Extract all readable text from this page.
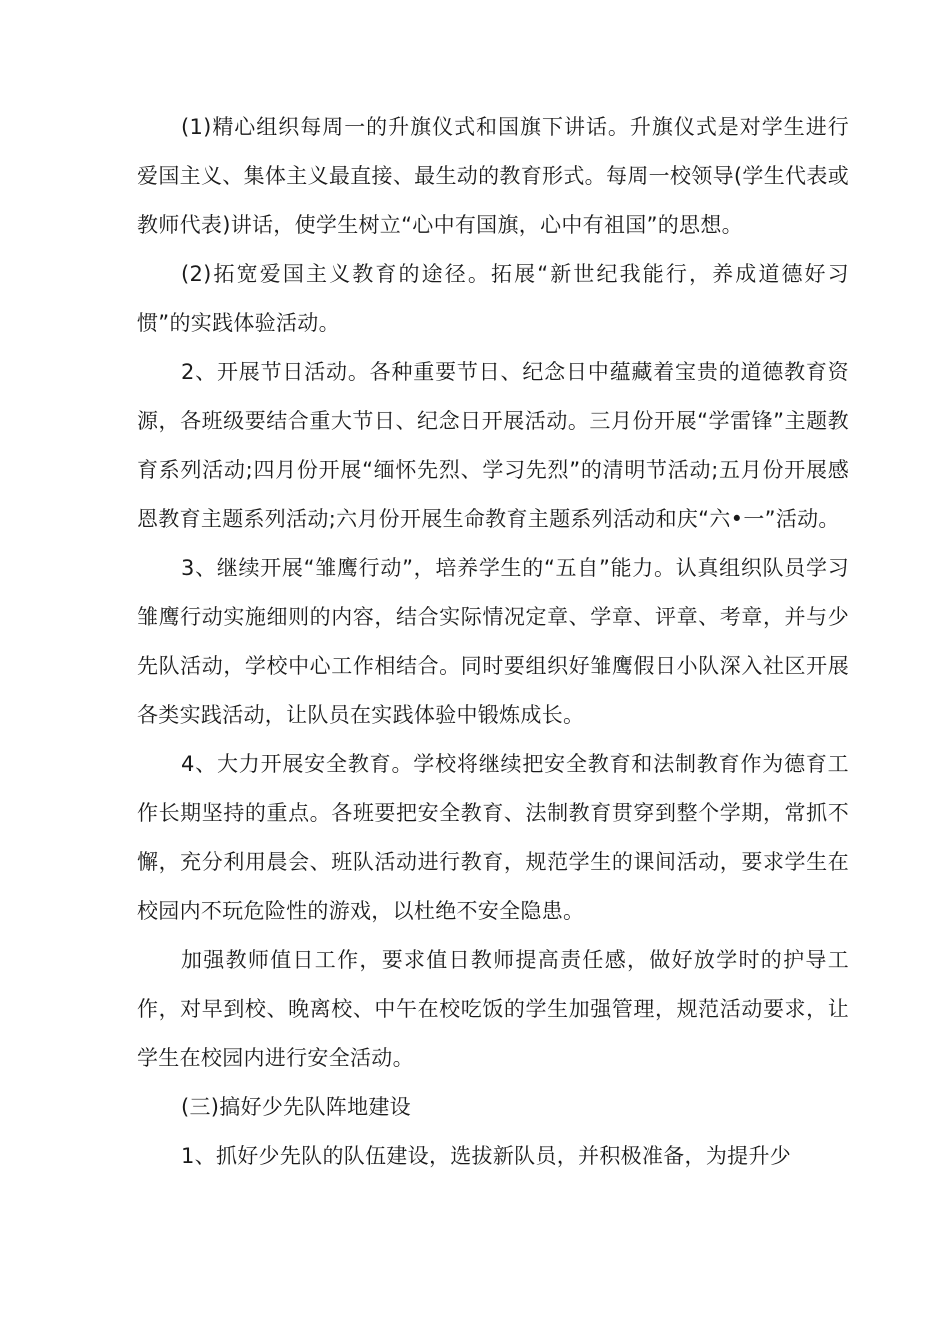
(1)精心组织每周一的升旗仪式和国旗下讲话。升旗仪式是对学生进行爱国主义、集体主义最直接、最生动的教育形式。每周一校领导(学生代表或教师代表)讲话，使学生树立“心中有国旗，心中有祖国”的思想。

(2)拓宽爱国主义教育的途径。拓展“新世纪我能行，养成道德好习惯”的实践体验活动。

2、开展节日活动。各种重要节日、纪念日中蕴藏着宝贵的道德教育资源，各班级要结合重大节日、纪念日开展活动。三月份开展“学雷锋”主题教育系列活动;四月份开展“缅怀先烈、学习先烈”的清明节活动;五月份开展感恩教育主题系列活动;六月份开展生命教育主题系列活动和庆“六•一”活动。

3、继续开展“雏鹰行动”，培养学生的“五自”能力。认真组织队员学习雏鹰行动实施细则的内容，结合实际情况定章、学章、评章、考章，并与少先队活动，学校中心工作相结合。同时要组织好雏鹰假日小队深入社区开展各类实践活动，让队员在实践体验中锻炼成长。

4、大力开展安全教育。学校将继续把安全教育和法制教育作为德育工作长期坚持的重点。各班要把安全教育、法制教育贯穿到整个学期，常抓不懈，充分利用晨会、班队活动进行教育，规范学生的课间活动，要求学生在校园内不玩危险性的游戏，以杜绝不安全隐患。

加强教师值日工作，要求值日教师提高责任感，做好放学时的护导工作，对早到校、晚离校、中午在校吃饭的学生加强管理，规范活动要求，让学生在校园内进行安全活动。

(三)搞好少先队阵地建设

1、抓好少先队的队伍建设，选拔新队员，并积极准备，为提升少
